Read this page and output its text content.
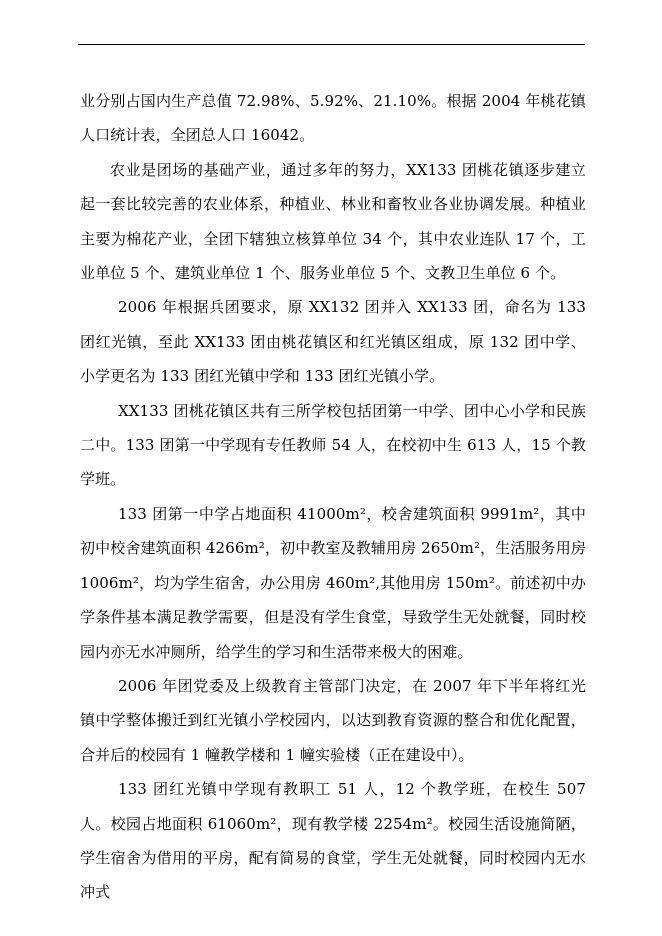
业分别占国内生产总值 72.98%、5.92%、21.10%。根据 2004 年桃花镇人口统计表，全团总人口 16042。

农业是团场的基础产业，通过多年的努力，XX133 团桃花镇逐步建立起一套比较完善的农业体系，种植业、林业和畜牧业各业协调发展。种植业主要为棉花产业，全团下辖独立核算单位 34 个，其中农业连队 17 个，工业单位 5 个、建筑业单位 1 个、服务业单位 5 个、文教卫生单位 6 个。

2006 年根据兵团要求，原 XX132 团并入 XX133 团，命名为 133 团红光镇，至此 XX133 团由桃花镇区和红光镇区组成，原 132 团中学、小学更名为 133 团红光镇中学和 133 团红光镇小学。

XX133 团桃花镇区共有三所学校包括团第一中学、团中心小学和民族二中。133 团第一中学现有专任教师 54 人，在校初中生 613 人，15 个教学班。

133 团第一中学占地面积 41000m²，校舍建筑面积 9991m²，其中初中校舍建筑面积 4266m²，初中教室及教辅用房 2650m²，生活服务用房 1006m²，均为学生宿舍，办公用房 460m²,其他用房 150m²。前述初中办学条件基本满足教学需要，但是没有学生食堂，导致学生无处就餐，同时校园内亦无水冲厕所，给学生的学习和生活带来极大的困难。

2006 年团党委及上级教育主管部门决定，在 2007 年下半年将红光镇中学整体搬迁到红光镇小学校园内，以达到教育资源的整合和优化配置，合并后的校园有 1 幢教学楼和 1 幢实验楼（正在建设中）。

133 团红光镇中学现有教职工 51 人，12 个教学班，在校生 507 人。校园占地面积 61060m²，现有教学楼 2254m²。校园生活设施简陋，学生宿舍为借用的平房，配有简易的食堂，学生无处就餐，同时校园内无水冲式
